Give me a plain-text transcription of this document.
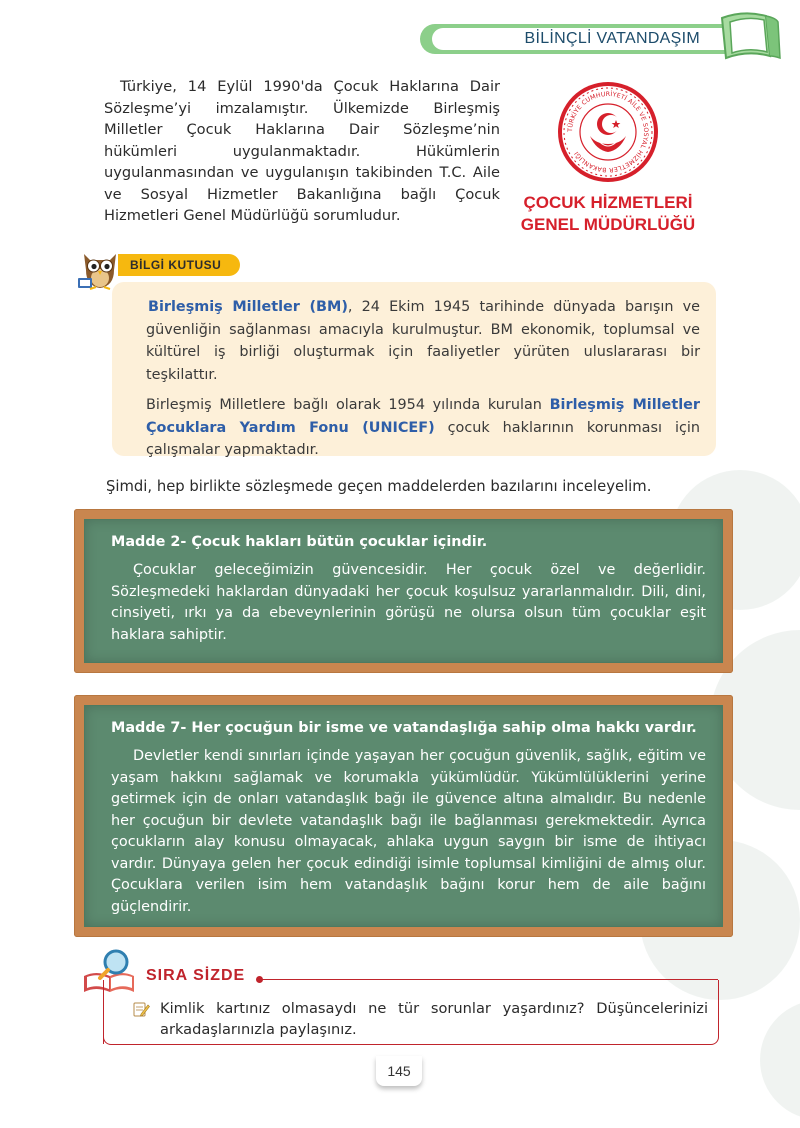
BİLİNÇLİ VATANDAŞIM

Türkiye, 14 Eylül 1990'da Çocuk Haklarına Dair Sözleşme’yi imzalamıştır. Ülkemizde Birleşmiş Milletler Çocuk Haklarına Dair Sözleşme’nin hükümleri uygulanmaktadır. Hükümlerin uygulanmasından ve uygulanışın takibinden T.C. Aile ve Sosyal Hizmetler Bakanlığına bağlı Çocuk Hizmetleri Genel Müdürlüğü sorumludur.

TÜRKİYE CUMHURİYETİ AİLE VE SOSYAL HİZMETLER BAKANLIĞI
ÇOCUK HİZMETLERİ
GENEL MÜDÜRLÜĞÜ
BİLGİ KUTUSU

Birleşmiş Milletler (BM), 24 Ekim 1945 tarihinde dünyada barışın ve güvenliğin sağlanması amacıyla kurulmuştur. BM ekonomik, toplumsal ve kültürel iş birliği oluşturmak için faaliyetler yürüten uluslararası bir teşkilattır.

Birleşmiş Milletlere bağlı olarak 1954 yılında kurulan Birleşmiş Milletler Çocuklara Yardım Fonu (UNICEF) çocuk haklarının korunması için çalışmalar yapmaktadır.

Şimdi, hep birlikte sözleşmede geçen maddelerden bazılarını inceleyelim.

Madde 2- Çocuk hakları bütün çocuklar içindir.
Çocuklar geleceğimizin güvencesidir. Her çocuk özel ve değerlidir. Sözleşmedeki haklardan dünyadaki her çocuk koşulsuz yararlanmalıdır. Dili, dini, cinsiyeti, ırkı ya da ebeveynlerinin görüşü ne olursa olsun tüm çocuklar eşit haklara sahiptir.
Madde 7- Her çocuğun bir isme ve vatandaşlığa sahip olma hakkı vardır.
Devletler kendi sınırları içinde yaşayan her çocuğun güvenlik, sağlık, eğitim ve yaşam hakkını sağlamak ve korumakla yükümlüdür. Yükümlülüklerini yerine getirmek için de onları vatandaşlık bağı ile güvence altına almalıdır. Bu nedenle her çocuğun bir devlete vatandaşlık bağı ile bağlanması gerekmektedir. Ayrıca çocukların alay konusu olmayacak, ahlaka uygun saygın bir isme de ihtiyacı vardır. Dünyaya gelen her çocuk edindiği isimle toplumsal kimliğini de almış olur. Çocuklara verilen isim hem vatandaşlık bağını korur hem de aile bağını güçlendirir.
SIRA SİZDE

Kimlik kartınız olmasaydı ne tür sorunlar yaşardınız? Düşüncelerinizi arkadaşlarınızla paylaşınız.

145
